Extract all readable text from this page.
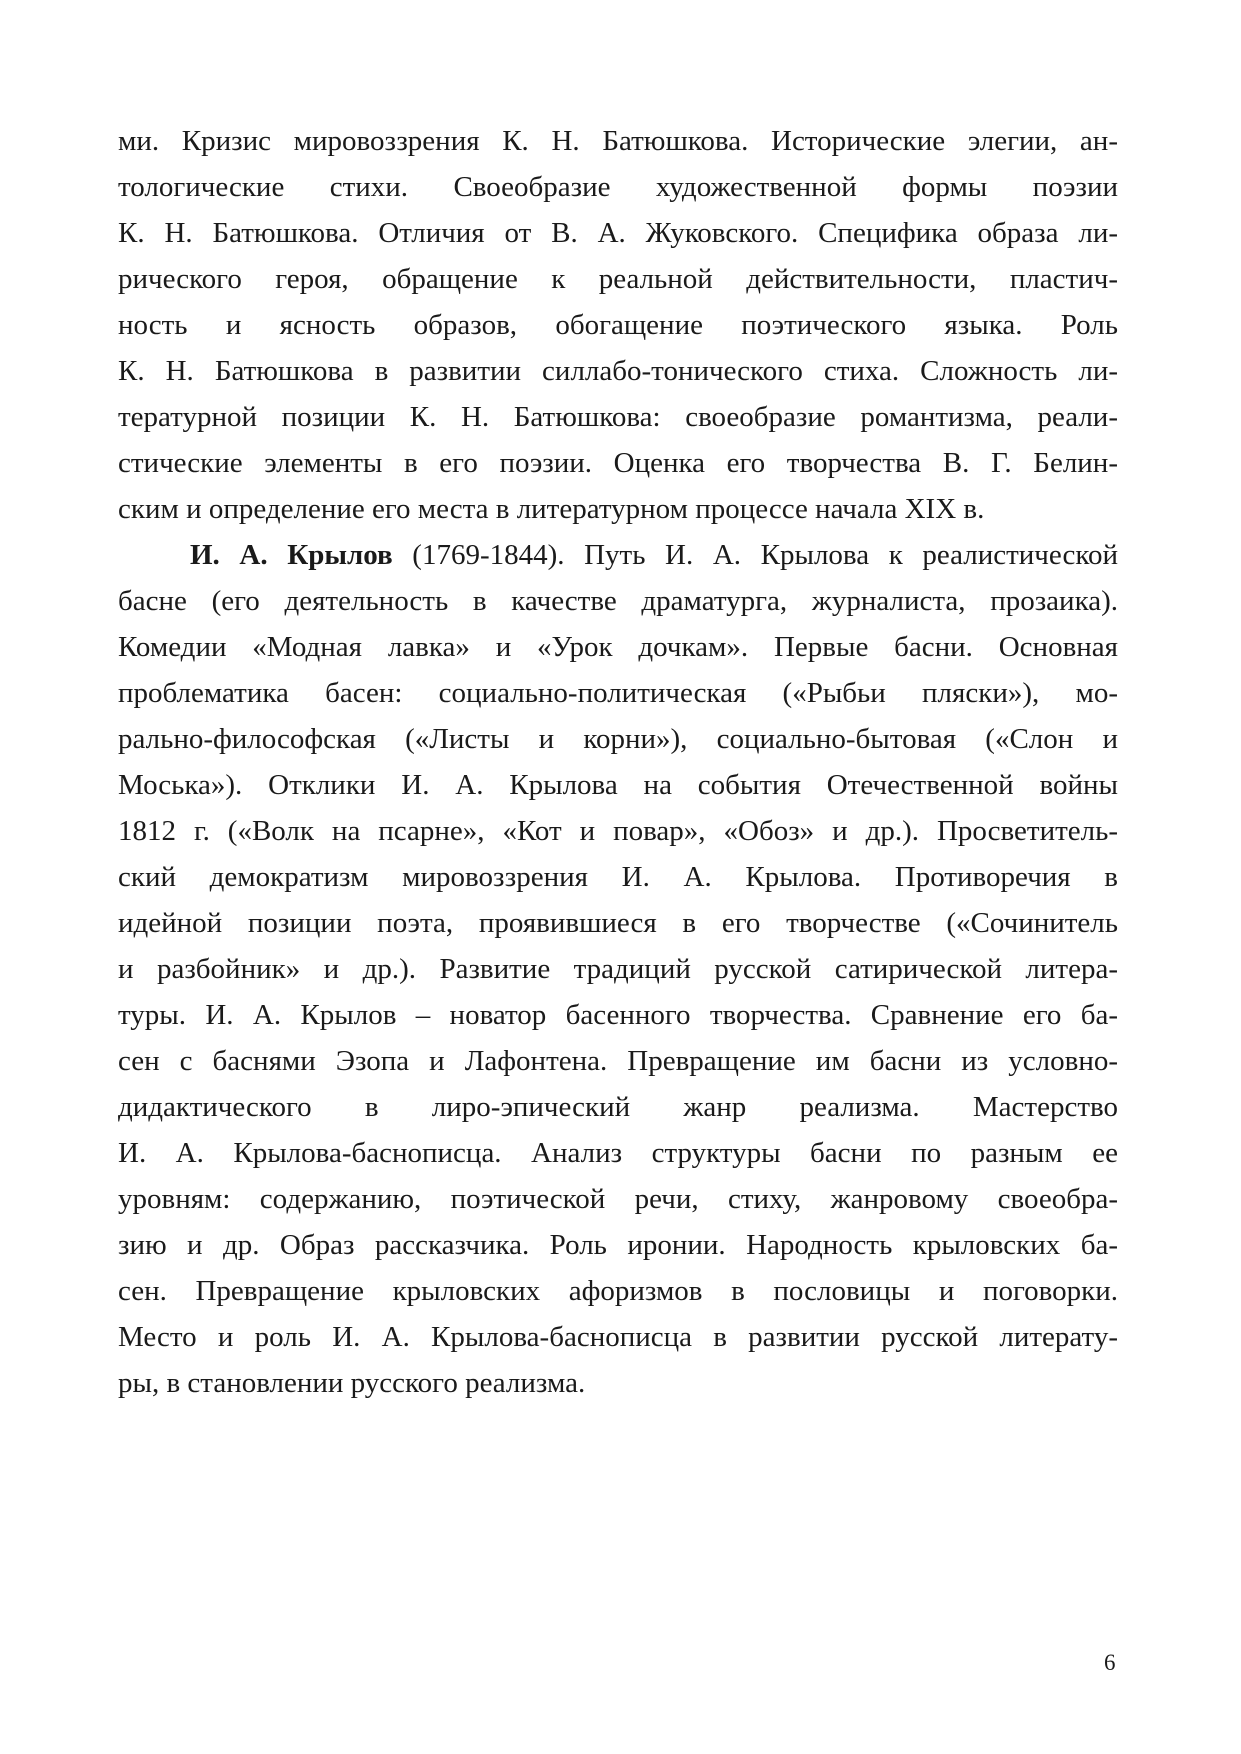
ми. Кризис мировоззрения К. Н. Батюшкова. Исторические элегии, ан-
тологические стихи. Своеобразие художественной формы поэзии
К. Н. Батюшкова. Отличия от В. А. Жуковского. Специфика образа ли-
рического героя, обращение к реальной действительности, пластич-
ность и ясность образов, обогащение поэтического языка. Роль
К. Н. Батюшкова в развитии силлабо-тонического стиха. Сложность ли-
тературной позиции К. Н. Батюшкова: своеобразие романтизма, реали-
стические элементы в его поэзии. Оценка его творчества В. Г. Белин-
ским и определение его места в литературном процессе начала XIX в.
И. А. Крылов (1769-1844). Путь И. А. Крылова к реалистической
басне (его деятельность в качестве драматурга, журналиста, прозаика).
Комедии «Модная лавка» и «Урок дочкам». Первые басни. Основная
проблематика басен: социально-политическая («Рыбьи пляски»), мо-
рально-философская («Листы и корни»), социально-бытовая («Слон и
Моська»). Отклики И. А. Крылова на события Отечественной войны
1812 г. («Волк на псарне», «Кот и повар», «Обоз» и др.). Просветитель-
ский демократизм мировоззрения И. А. Крылова. Противоречия в
идейной позиции поэта, проявившиеся в его творчестве («Сочинитель
и разбойник» и др.). Развитие традиций русской сатирической литера-
туры. И. А. Крылов – новатор басенного творчества. Сравнение его ба-
сен с баснями Эзопа и Лафонтена. Превращение им басни из условно-
дидактического в лиро-эпический жанр реализма. Мастерство
И. А. Крылова-баснописца. Анализ структуры басни по разным ее
уровням: содержанию, поэтической речи, стиху, жанровому своеобра-
зию и др. Образ рассказчика. Роль иронии. Народность крыловских ба-
сен. Превращение крыловских афоризмов в пословицы и поговорки.
Место и роль И. А. Крылова-баснописца в развитии русской литерату-
ры, в становлении русского реализма.
6
